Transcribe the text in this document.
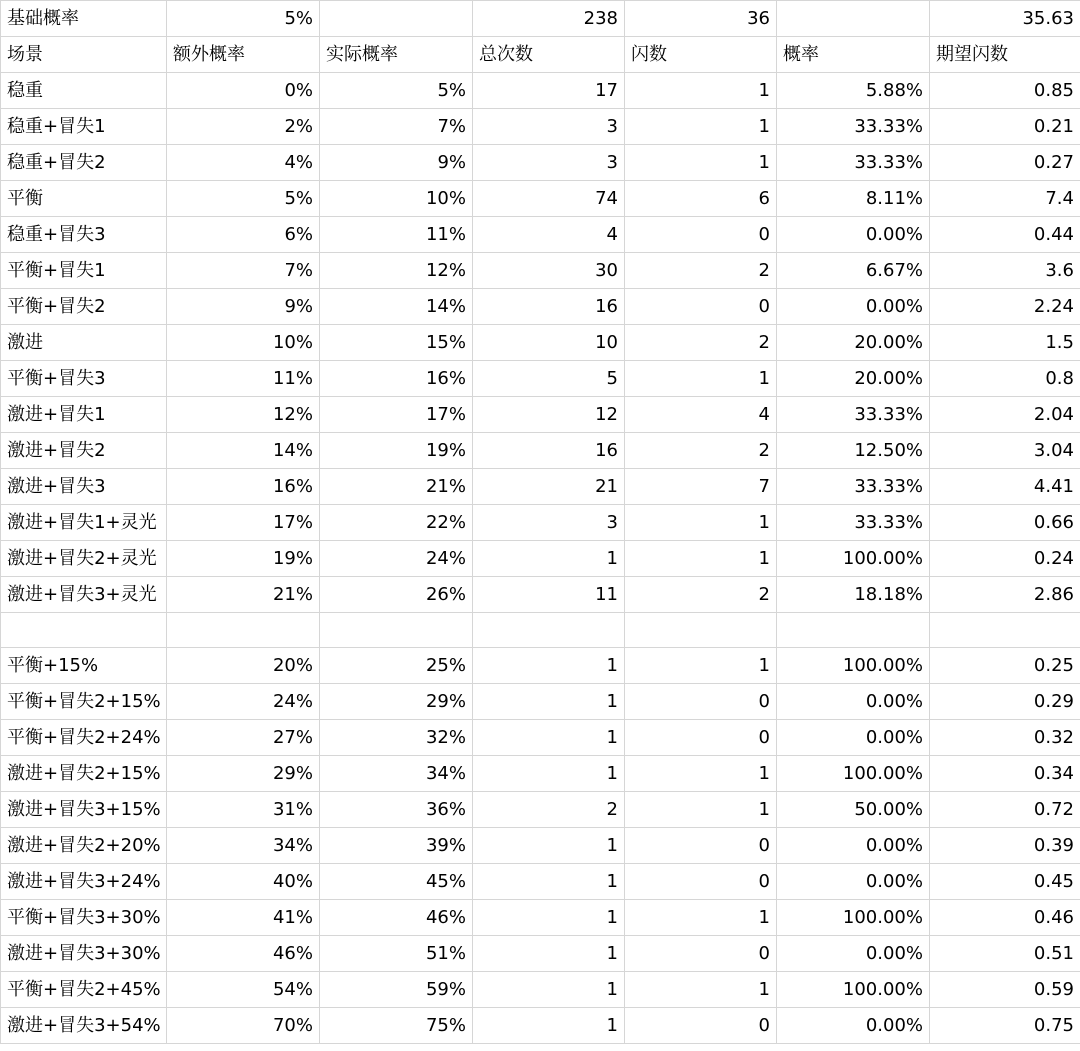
基础概率	5%		238	36		35.63
场景	额外概率	实际概率	总次数	闪数	概率	期望闪数
稳重	0%	5%	17	1	5.88%	0.85
稳重+冒失1	2%	7%	3	1	33.33%	0.21
稳重+冒失2	4%	9%	3	1	33.33%	0.27
平衡	5%	10%	74	6	8.11%	7.4
稳重+冒失3	6%	11%	4	0	0.00%	0.44
平衡+冒失1	7%	12%	30	2	6.67%	3.6
平衡+冒失2	9%	14%	16	0	0.00%	2.24
激进	10%	15%	10	2	20.00%	1.5
平衡+冒失3	11%	16%	5	1	20.00%	0.8
激进+冒失1	12%	17%	12	4	33.33%	2.04
激进+冒失2	14%	19%	16	2	12.50%	3.04
激进+冒失3	16%	21%	21	7	33.33%	4.41
激进+冒失1+灵光	17%	22%	3	1	33.33%	0.66
激进+冒失2+灵光	19%	24%	1	1	100.00%	0.24
激进+冒失3+灵光	21%	26%	11	2	18.18%	2.86

平衡+15%	20%	25%	1	1	100.00%	0.25
平衡+冒失2+15%	24%	29%	1	0	0.00%	0.29
平衡+冒失2+24%	27%	32%	1	0	0.00%	0.32
激进+冒失2+15%	29%	34%	1	1	100.00%	0.34
激进+冒失3+15%	31%	36%	2	1	50.00%	0.72
激进+冒失2+20%	34%	39%	1	0	0.00%	0.39
激进+冒失3+24%	40%	45%	1	0	0.00%	0.45
平衡+冒失3+30%	41%	46%	1	1	100.00%	0.46
激进+冒失3+30%	46%	51%	1	0	0.00%	0.51
平衡+冒失2+45%	54%	59%	1	1	100.00%	0.59
激进+冒失3+54%	70%	75%	1	0	0.00%	0.75
